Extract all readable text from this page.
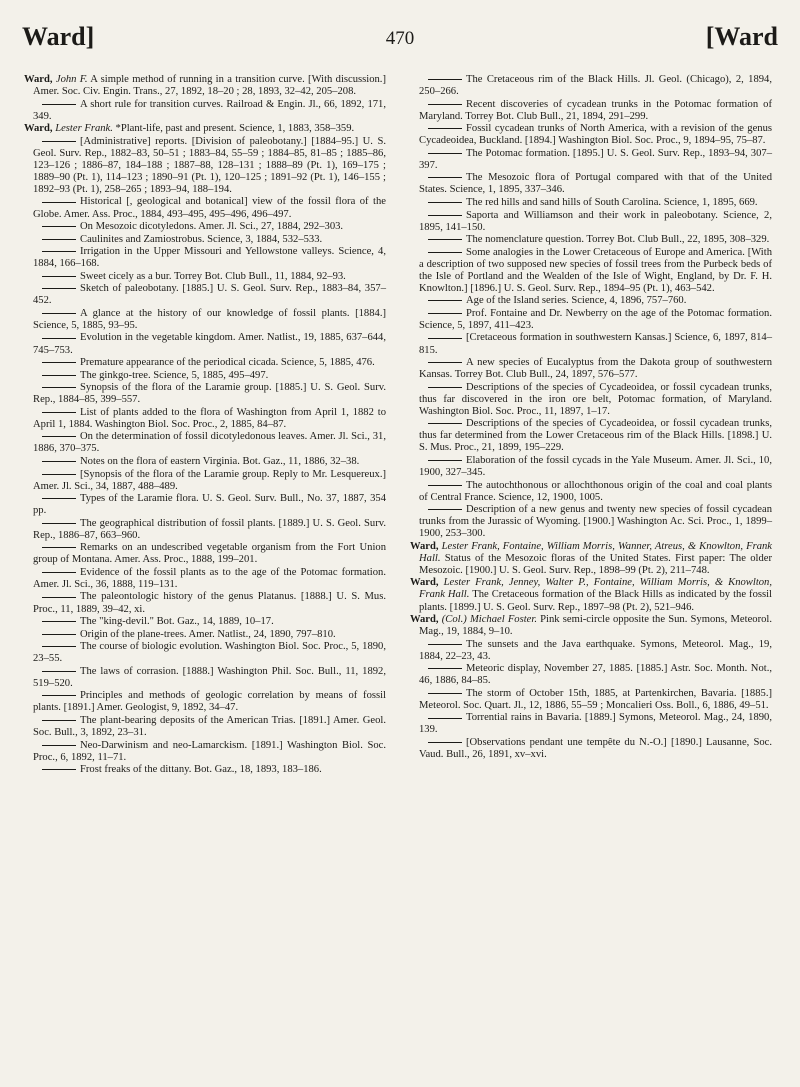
Ward]	470	[Ward
Ward, John F. A simple method of running in a transition curve. [With discussion.] Amer. Soc. Civ. Engin. Trans., 27, 1892, 18–20 ; 28, 1893, 32–42, 205–208.
A short rule for transition curves. Railroad & Engin. Jl., 66, 1892, 171, 349.
Ward, Lester Frank. *Plant-life, past and present. Science, 1, 1883, 358–359.
[Administrative] reports. [Division of paleobotany.] [1884–95.] U. S. Geol. Surv. Rep., 1882–83, 50–51 ; 1883–84, 55–59 ; 1884–85, 81–85 ; 1885–86, 123–126 ; 1886–87, 184–188 ; 1887–88, 128–131 ; 1888–89 (Pt. 1), 169–175 ; 1889–90 (Pt. 1), 114–123 ; 1890–91 (Pt. 1), 120–125 ; 1891–92 (Pt. 1), 146–155 ; 1892–93 (Pt. 1), 258–265 ; 1893–94, 188–194.
Historical [, geological and botanical] view of the fossil flora of the Globe. Amer. Ass. Proc., 1884, 493–495, 495–496, 496–497.
On Mesozoic dicotyledons. Amer. Jl. Sci., 27, 1884, 292–303.
Caulinites and Zamiostrobus. Science, 3, 1884, 532–533.
Irrigation in the Upper Missouri and Yellowstone valleys. Science, 4, 1884, 166–168.
Sweet cicely as a bur. Torrey Bot. Club Bull., 11, 1884, 92–93.
Sketch of paleobotany. [1885.] U. S. Geol. Surv. Rep., 1883–84, 357–452.
A glance at the history of our knowledge of fossil plants. [1884.] Science, 5, 1885, 93–95.
Evolution in the vegetable kingdom. Amer. Natlist., 19, 1885, 637–644, 745–753.
Premature appearance of the periodical cicada. Science, 5, 1885, 476.
The ginkgo-tree. Science, 5, 1885, 495–497.
Synopsis of the flora of the Laramie group. [1885.] U. S. Geol. Surv. Rep., 1884–85, 399–557.
List of plants added to the flora of Washington from April 1, 1882 to April 1, 1884. Washington Biol. Soc. Proc., 2, 1885, 84–87.
On the determination of fossil dicotyledonous leaves. Amer. Jl. Sci., 31, 1886, 370–375.
Notes on the flora of eastern Virginia. Bot. Gaz., 11, 1886, 32–38.
[Synopsis of the flora of the Laramie group. Reply to Mr. Lesquereux.] Amer. Jl. Sci., 34, 1887, 488–489.
Types of the Laramie flora. U. S. Geol. Surv. Bull., No. 37, 1887, 354 pp.
The geographical distribution of fossil plants. [1889.] U. S. Geol. Surv. Rep., 1886–87, 663–960.
Remarks on an undescribed vegetable organism from the Fort Union group of Montana. Amer. Ass. Proc., 1888, 199–201.
Evidence of the fossil plants as to the age of the Potomac formation. Amer. Jl. Sci., 36, 1888, 119–131.
The paleontologic history of the genus Platanus. [1888.] U. S. Mus. Proc., 11, 1889, 39–42, xi.
The "king-devil." Bot. Gaz., 14, 1889, 10–17.
Origin of the plane-trees. Amer. Natlist., 24, 1890, 797–810.
The course of biologic evolution. Washington Biol. Soc. Proc., 5, 1890, 23–55.
The laws of corrasion. [1888.] Washington Phil. Soc. Bull., 11, 1892, 519–520.
Principles and methods of geologic correlation by means of fossil plants. [1891.] Amer. Geologist, 9, 1892, 34–47.
The plant-bearing deposits of the American Trias. [1891.] Amer. Geol. Soc. Bull., 3, 1892, 23–31.
Neo-Darwinism and neo-Lamarckism. [1891.] Washington Biol. Soc. Proc., 6, 1892, 11–71.
Frost freaks of the dittany. Bot. Gaz., 18, 1893, 183–186.
The Cretaceous rim of the Black Hills. Jl. Geol. (Chicago), 2, 1894, 250–266.
Recent discoveries of cycadean trunks in the Potomac formation of Maryland. Torrey Bot. Club Bull., 21, 1894, 291–299.
Fossil cycadean trunks of North America, with a revision of the genus Cycadeoidea, Buckland. [1894.] Washington Biol. Soc. Proc., 9, 1894–95, 75–87.
The Potomac formation. [1895.] U. S. Geol. Surv. Rep., 1893–94, 307–397.
The Mesozoic flora of Portugal compared with that of the United States. Science, 1, 1895, 337–346.
The red hills and sand hills of South Carolina. Science, 1, 1895, 669.
Saporta and Williamson and their work in paleobotany. Science, 2, 1895, 141–150.
The nomenclature question. Torrey Bot. Club Bull., 22, 1895, 308–329.
Some analogies in the Lower Cretaceous of Europe and America. [With a description of two supposed new species of fossil trees from the Purbeck beds of the Isle of Portland and the Wealden of the Isle of Wight, England, by Dr. F. H. Knowlton.] [1896.] U. S. Geol. Surv. Rep., 1894–95 (Pt. 1), 463–542.
Age of the Island series. Science, 4, 1896, 757–760.
Prof. Fontaine and Dr. Newberry on the age of the Potomac formation. Science, 5, 1897, 411–423.
[Cretaceous formation in southwestern Kansas.] Science, 6, 1897, 814–815.
A new species of Eucalyptus from the Dakota group of southwestern Kansas. Torrey Bot. Club Bull., 24, 1897, 576–577.
Descriptions of the species of Cycadeoidea, or fossil cycadean trunks, thus far discovered in the iron ore belt, Potomac formation, of Maryland. Washington Biol. Soc. Proc., 11, 1897, 1–17.
Descriptions of the species of Cycadeoidea, or fossil cycadean trunks, thus far determined from the Lower Cretaceous rim of the Black Hills. [1898.] U. S. Mus. Proc., 21, 1899, 195–229.
Elaboration of the fossil cycads in the Yale Museum. Amer. Jl. Sci., 10, 1900, 327–345.
The autochthonous or allochthonous origin of the coal and coal plants of Central France. Science, 12, 1900, 1005.
Description of a new genus and twenty new species of fossil cycadean trunks from the Jurassic of Wyoming. [1900.] Washington Ac. Sci. Proc., 1, 1899–1900, 253–300.
Ward, Lester Frank, Fontaine, William Morris, Wanner, Atreus, & Knowlton, Frank Hall. Status of the Mesozoic floras of the United States. First paper: The older Mesozoic. [1900.] U. S. Geol. Surv. Rep., 1898–99 (Pt. 2), 211–748.
Ward, Lester Frank, Jenney, Walter P., Fontaine, William Morris, & Knowlton, Frank Hall. The Cretaceous formation of the Black Hills as indicated by the fossil plants. [1899.] U. S. Geol. Surv. Rep., 1897–98 (Pt. 2), 521–946.
Ward, (Col.) Michael Foster. Pink semi-circle opposite the Sun. Symons, Meteorol. Mag., 19, 1884, 9–10.
The sunsets and the Java earthquake. Symons, Meteorol. Mag., 19, 1884, 22–23, 43.
Meteoric display, November 27, 1885. [1885.] Astr. Soc. Month. Not., 46, 1886, 84–85.
The storm of October 15th, 1885, at Partenkirchen, Bavaria. [1885.] Meteorol. Soc. Quart. Jl., 12, 1886, 55–59 ; Moncalieri Oss. Boll., 6, 1886, 49–51.
Torrential rains in Bavaria. [1889.] Symons, Meteorol. Mag., 24, 1890, 139.
[Observations pendant une tempête du N.-O.] [1890.] Lausanne, Soc. Vaud. Bull., 26, 1891, xv–xvi.
